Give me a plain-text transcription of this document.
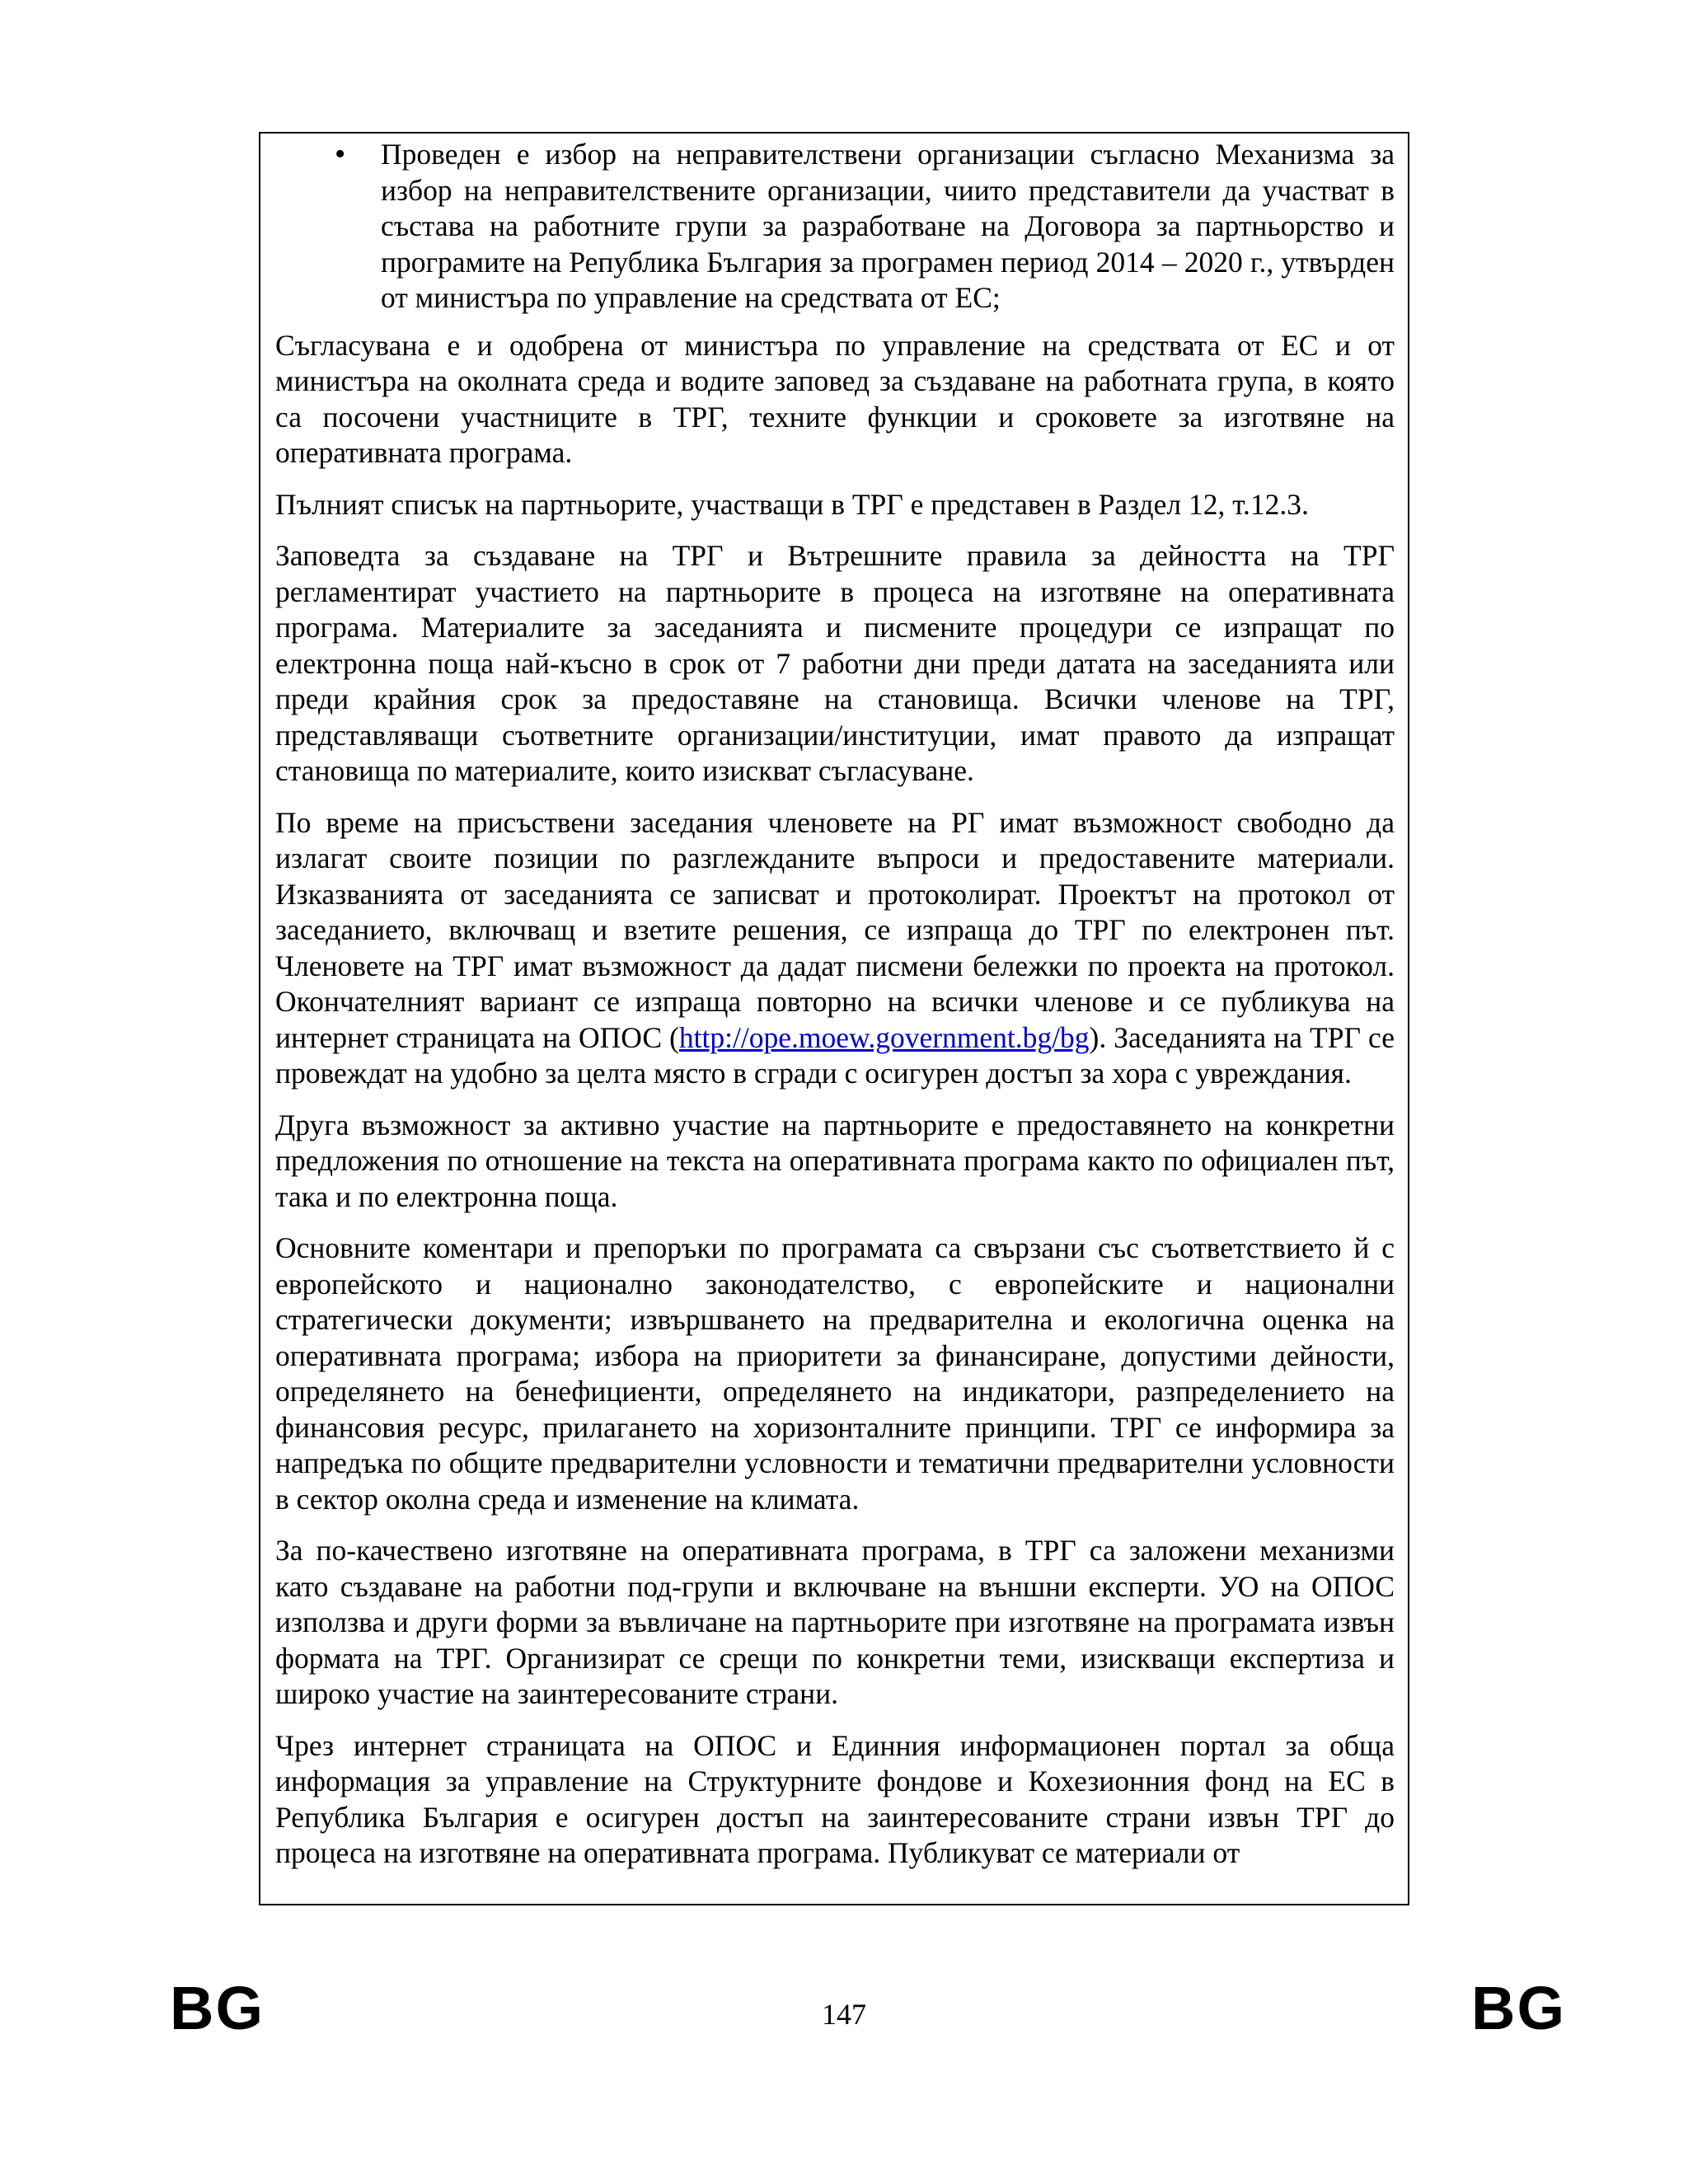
• Проведен е избор на неправителствени организации съгласно Механизма за избор на неправителствените организации, чиито представители да участват в състава на работните групи за разработване на Договора за партньорство и програмите на Република България за програмен период 2014 – 2020 г., утвърден от министъра по управление на средствата от ЕС;

Съгласувана е и одобрена от министъра по управление на средствата от ЕС и от министъра на околната среда и водите заповед за създаване на работната група, в която са посочени участниците в ТРГ, техните функции и сроковете за изготвяне на оперативната програма.

Пълният списък на партньорите, участващи в ТРГ е представен в Раздел 12, т.12.3.

Заповедта за създаване на ТРГ и Вътрешните правила за дейността на ТРГ регламентират участието на партньорите в процеса на изготвяне на оперативната програма. Материалите за заседанията и писмените процедури се изпращат по електронна поща най-късно в срок от 7 работни дни преди датата на заседанията или преди крайния срок за предоставяне на становища. Всички членове на ТРГ, представляващи съответните организации/институции, имат правото да изпращат становища по материалите, които изискват съгласуване.

По време на присъствени заседания членовете на РГ имат възможност свободно да излагат своите позиции по разглежданите въпроси и предоставените материали. Изказванията от заседанията се записват и протоколират. Проектът на протокол от заседанието, включващ и взетите решения, се изпраща до ТРГ по електронен път. Членовете на ТРГ имат възможност да дадат писмени бележки по проекта на протокол. Окончателният вариант се изпраща повторно на всички членове и се публикува на интернет страницата на ОПОС (http://ope.moew.government.bg/bg). Заседанията на ТРГ се провеждат на удобно за целта място в сгради с осигурен достъп за хора с увреждания.

Друга възможност за активно участие на партньорите е предоставянето на конкретни предложения по отношение на текста на оперативната програма както по официален път, така и по електронна поща.

Основните коментари и препоръки по програмата са свързани със съответствието й с европейското и национално законодателство, с европейските и национални стратегически документи; извършването на предварителна и екологична оценка на оперативната програма; избора на приоритети за финансиране, допустими дейности, определянето на бенефициенти, определянето на индикатори, разпределението на финансовия ресурс, прилагането на хоризонталните принципи. ТРГ се информира за напредъка по общите предварителни условности и тематични предварителни условности в сектор околна среда и изменение на климата.

За по-качествено изготвяне на оперативната програма, в ТРГ са заложени механизми като създаване на работни под-групи и включване на външни експерти. УО на ОПОС използва и други форми за въвличане на партньорите при изготвяне на програмата извън формата на ТРГ. Организират се срещи по конкретни теми, изискващи експертиза и широко участие на заинтересованите страни.

Чрез интернет страницата на ОПОС и Единния информационен портал за обща информация за управление на Структурните фондове и Кохезионния фонд на ЕС в Република България е осигурен достъп на заинтересованите страни извън ТРГ до процеса на изготвяне на оперативната програма. Публикуват се материали от

BG	147	BG
